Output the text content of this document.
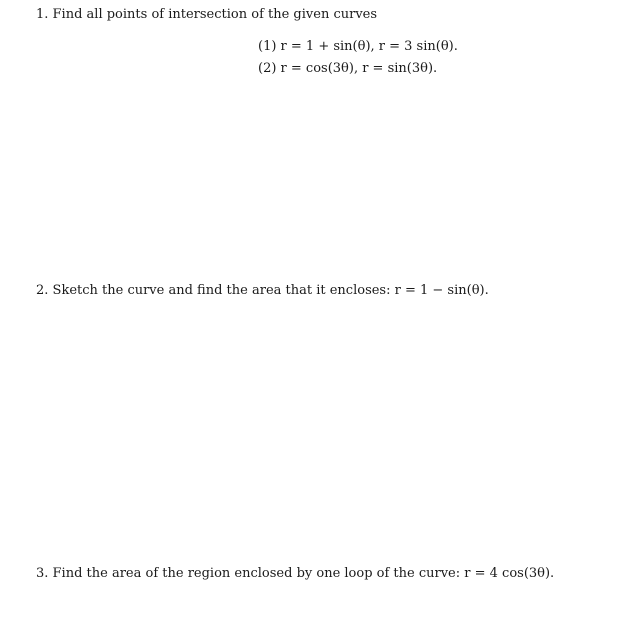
1. Find all points of intersection of the given curves
(1) r = 1 + sin(θ), r = 3 sin(θ).
(2) r = cos(3θ), r = sin(3θ).
2. Sketch the curve and find the area that it encloses: r = 1 − sin(θ).
3. Find the area of the region enclosed by one loop of the curve: r = 4 cos(3θ).
